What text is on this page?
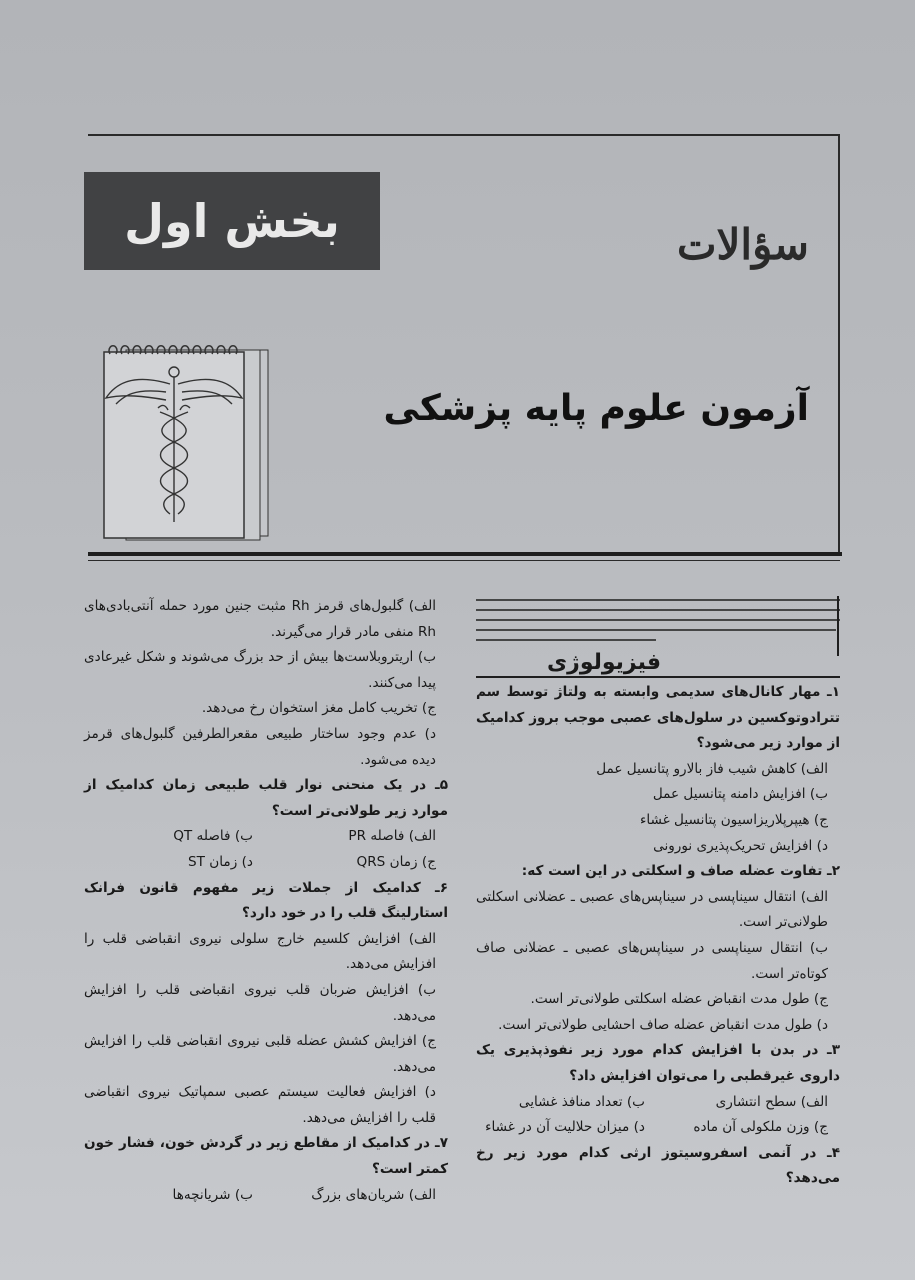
بخش اول	سؤالات
آزمون علوم پایه پزشکی
فیزیولوژی

۱ـ مهار کانال‌های سدیمی وابسته به ولتاژ توسط سم تترادوتوکسین در سلول‌های عصبی موجب بروز کدامیک از موارد زیر می‌شود؟

الف) کاهش شیب فاز بالارو پتانسیل عمل

ب) افزایش دامنه پتانسیل عمل

ج) هیپرپلاریزاسیون پتانسیل غشاء

د) افزایش تحریک‌پذیری نورونی

۲ـ تفاوت عضله صاف و اسکلتی در این است که:

الف) انتقال سیناپسی در سیناپس‌های عصبی ـ عضلانی اسکلتی طولانی‌تر است.

ب) انتقال سیناپسی در سیناپس‌های عصبی ـ عضلانی صاف کوتاه‌تر است.

ج) طول مدت انقباض عضله اسکلتی طولانی‌تر است.

د) طول مدت انقباض عضله صاف احشایی طولانی‌تر است.

۳ـ در بدن با افزایش کدام مورد زیر نفوذپذیری یک داروی غیرقطبی را می‌توان افزایش داد؟

الف) سطح انتشاری
ب) تعداد منافذ غشایی
ج) وزن ملکولی آن ماده
د) میزان حلالیت آن در غشاء

۴ـ در آنمی اسفروسیتوز ارثی کدام مورد زیر رخ می‌دهد؟

الف) گلبول‌های قرمز Rh مثبت جنین مورد حمله آنتی‌بادی‌های Rh منفی مادر قرار می‌گیرند.

ب) اریتروبلاست‌ها بیش از حد بزرگ می‌شوند و شکل غیرعادی پیدا می‌کنند.

ج) تخریب کامل مغز استخوان رخ می‌دهد.

د) عدم وجود ساختار طبیعی مقعرالطرفین گلبول‌های قرمز دیده می‌شود.

۵ـ در یک منحنی نوار قلب طبیعی زمان کدامیک از موارد زیر طولانی‌تر است؟

الف) فاصله PR
ب) فاصله QT
ج) زمان QRS
د) زمان ST

۶ـ کدامیک از جملات زیر مفهوم قانون فرانک استارلینگ قلب را در خود دارد؟

الف) افزایش کلسیم خارج سلولی نیروی انقباضی قلب را افزایش می‌دهد.

ب) افزایش ضربان قلب نیروی انقباضی قلب را افزایش می‌دهد.

ج) افزایش کشش عضله قلبی نیروی انقباضی قلب را افزایش می‌دهد.

د) افزایش فعالیت سیستم عصبی سمپاتیک نیروی انقباضی قلب را افزایش می‌دهد.

۷ـ در کدامیک از مقاطع زیر در گردش خون، فشار خون کمتر است؟

الف) شریان‌های بزرگ
ب) شریانچه‌ها
